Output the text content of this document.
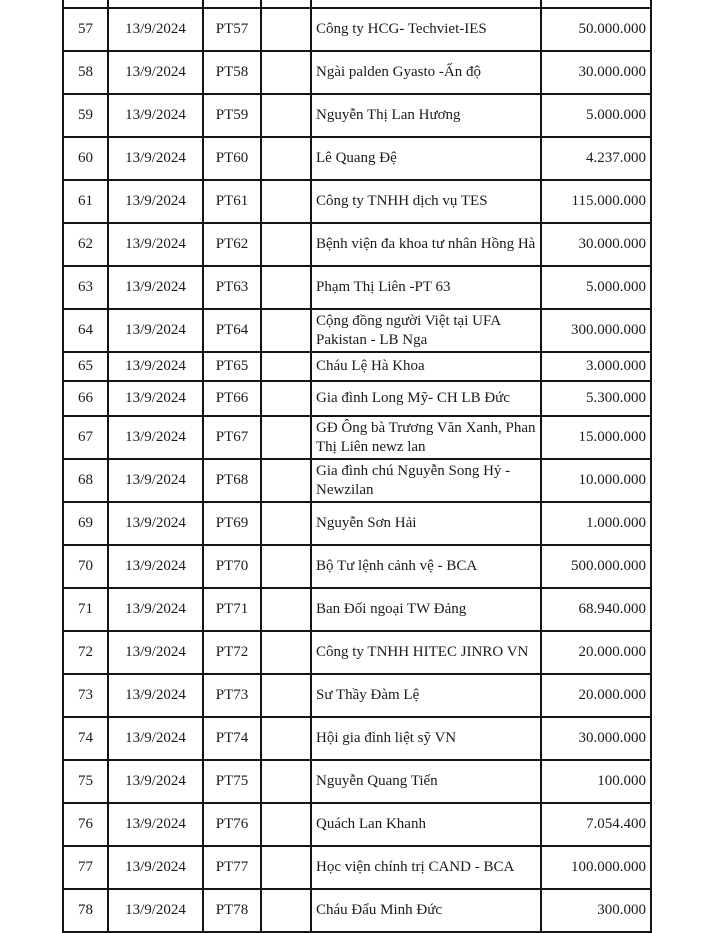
57	13/9/2024	PT57		Công ty HCG- Techviet-IES	50.000.000
58	13/9/2024	PT58		Ngài palden Gyasto -Ấn độ	30.000.000
59	13/9/2024	PT59		Nguyễn Thị Lan Hương	5.000.000
60	13/9/2024	PT60		Lê Quang Đệ	4.237.000
61	13/9/2024	PT61		Công ty TNHH dịch vụ TES	115.000.000
62	13/9/2024	PT62		Bệnh viện đa khoa tư nhân Hồng Hà	30.000.000
63	13/9/2024	PT63		Phạm Thị Liên -PT 63	5.000.000
64	13/9/2024	PT64		Cộng đồng người Việt tại UFA Pakistan - LB Nga	300.000.000
65	13/9/2024	PT65		Cháu Lệ Hà Khoa	3.000.000
66	13/9/2024	PT66		Gia đình Long Mỹ- CH LB Đức	5.300.000
67	13/9/2024	PT67		GĐ Ông bà Trương Văn Xanh, Phan Thị Liên newz lan	15.000.000
68	13/9/2024	PT68		Gia đình chú Nguyễn Song Hỷ - Newzilan	10.000.000
69	13/9/2024	PT69		Nguyễn Sơn Hải	1.000.000
70	13/9/2024	PT70		Bộ Tư lệnh cảnh vệ - BCA	500.000.000
71	13/9/2024	PT71		Ban Đối ngoại TW Đảng	68.940.000
72	13/9/2024	PT72		Công ty TNHH HITEC JINRO VN	20.000.000
73	13/9/2024	PT73		Sư Thầy Đàm Lệ	20.000.000
74	13/9/2024	PT74		Hội gia đình liệt sỹ VN	30.000.000
75	13/9/2024	PT75		Nguyễn Quang Tiến	100.000
76	13/9/2024	PT76		Quách Lan Khanh	7.054.400
77	13/9/2024	PT77		Học viện chính trị CAND - BCA	100.000.000
78	13/9/2024	PT78		Cháu Đẩu Minh Đức	300.000
